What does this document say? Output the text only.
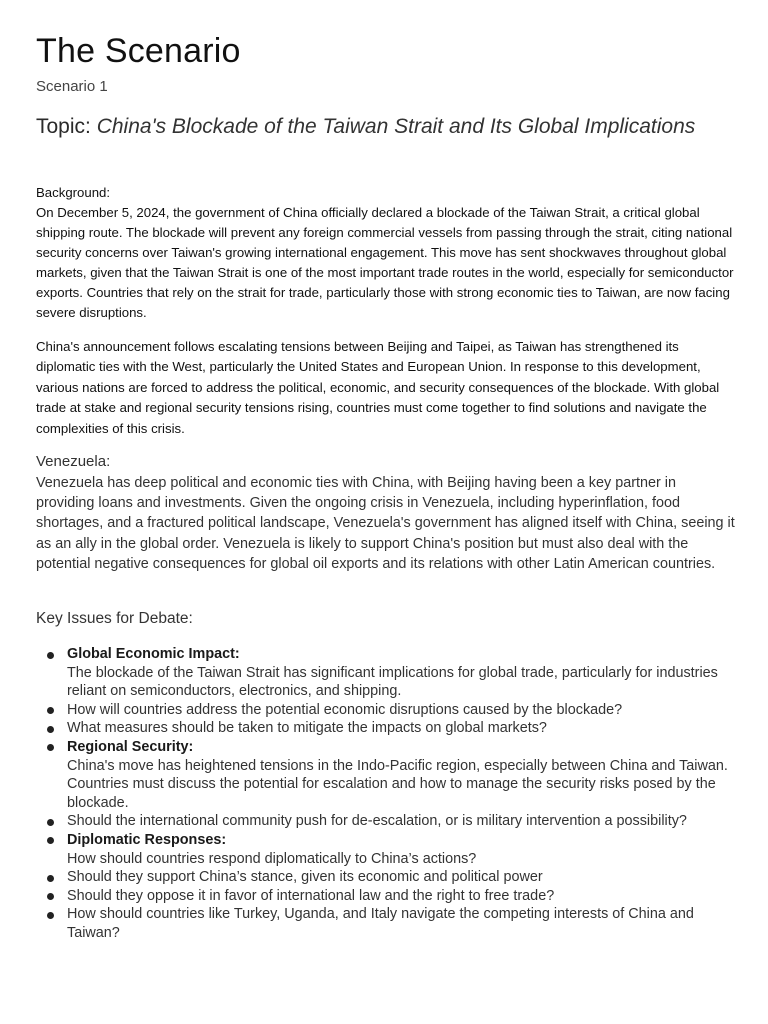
The Scenario
Scenario 1
Topic: China's Blockade of the Taiwan Strait and Its Global Implications

Background:

On December 5, 2024, the government of China officially declared a blockade of the Taiwan Strait, a critical global shipping route. The blockade will prevent any foreign commercial vessels from passing through the strait, citing national security concerns over Taiwan's growing international engagement. This move has sent shockwaves throughout global markets, given that the Taiwan Strait is one of the most important trade routes in the world, especially for semiconductor exports. Countries that rely on the strait for trade, particularly those with strong economic ties to Taiwan, are now facing severe disruptions.

China's announcement follows escalating tensions between Beijing and Taipei, as Taiwan has strengthened its diplomatic ties with the West, particularly the United States and European Union. In response to this development, various nations are forced to address the political, economic, and security consequences of the blockade. With global trade at stake and regional security tensions rising, countries must come together to find solutions and navigate the complexities of this crisis.

Venezuela:
Venezuela has deep political and economic ties with China, with Beijing having been a key partner in providing loans and investments. Given the ongoing crisis in Venezuela, including hyperinflation, food shortages, and a fractured political landscape, Venezuela's government has aligned itself with China, seeing it as an ally in the global order. Venezuela is likely to support China's position but must also deal with the potential negative consequences for global oil exports and its relations with other Latin American countries.
Key Issues for Debate:
Global Economic Impact:
The blockade of the Taiwan Strait has significant implications for global trade, particularly for industries reliant on semiconductors, electronics, and shipping.
How will countries address the potential economic disruptions caused by the blockade?
What measures should be taken to mitigate the impacts on global markets?
Regional Security:
China's move has heightened tensions in the Indo-Pacific region, especially between China and Taiwan. Countries must discuss the potential for escalation and how to manage the security risks posed by the blockade.
Should the international community push for de-escalation, or is military intervention a possibility?
Diplomatic Responses:
How should countries respond diplomatically to China’s actions?
Should they support China’s stance, given its economic and political power
Should they oppose it in favor of international law and the right to free trade?
How should countries like Turkey, Uganda, and Italy navigate the competing interests of China and Taiwan?
